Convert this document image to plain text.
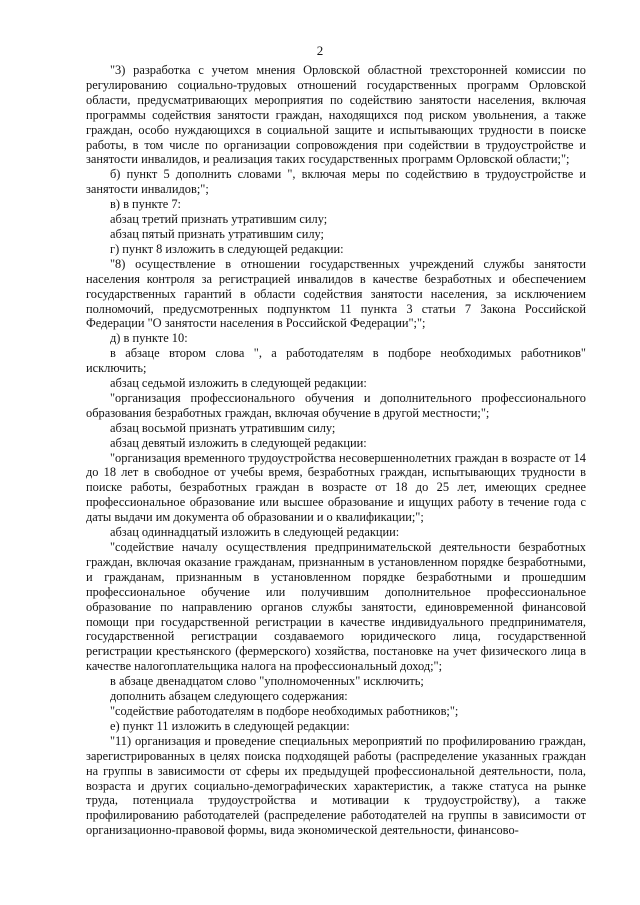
2

"3) разработка с учетом мнения Орловской областной трехсторонней комиссии по регулированию социально-трудовых отношений государственных программ Орловской области, предусматривающих мероприятия по содействию занятости населения, включая программы содействия занятости граждан, находящихся под риском увольнения, а также граждан, особо нуждающихся в социальной защите и испытывающих трудности в поиске работы, в том числе по организации сопровождения при содействии в трудоустройстве и занятости инвалидов, и реализация таких государственных программ Орловской области;";

б) пункт 5 дополнить словами ", включая меры по содействию в трудоустройстве и занятости инвалидов;";

в) в пункте 7:

абзац третий признать утратившим силу;

абзац пятый признать утратившим силу;

г) пункт 8 изложить в следующей редакции:

"8) осуществление в отношении государственных учреждений службы занятости населения контроля за регистрацией инвалидов в качестве безработных и обеспечением государственных гарантий в области содействия занятости населения, за исключением полномочий, предусмотренных подпунктом 11 пункта 3 статьи 7 Закона Российской Федерации "О занятости населения в Российской Федерации";";

д) в пункте 10:

в абзаце втором слова ", а работодателям в подборе необходимых работников" исключить;

абзац седьмой изложить в следующей редакции:

"организация профессионального обучения и дополнительного профессионального образования безработных граждан, включая обучение в другой местности;";

абзац восьмой признать утратившим силу;

абзац девятый изложить в следующей редакции:

"организация временного трудоустройства несовершеннолетних граждан в возрасте от 14 до 18 лет в свободное от учебы время, безработных граждан, испытывающих трудности в поиске работы, безработных граждан в возрасте от 18 до 25 лет, имеющих среднее профессиональное образование или высшее образование и ищущих работу в течение года с даты выдачи им документа об образовании и о квалификации;";

абзац одиннадцатый изложить в следующей редакции:

"содействие началу осуществления предпринимательской деятельности безработных граждан, включая оказание гражданам, признанным в установленном порядке безработными, и гражданам, признанным в установленном порядке безработными и прошедшим профессиональное обучение или получившим дополнительное профессиональное образование по направлению органов службы занятости, единовременной финансовой помощи при государственной регистрации в качестве индивидуального предпринимателя, государственной регистрации создаваемого юридического лица, государственной регистрации крестьянского (фермерского) хозяйства, постановке на учет физического лица в качестве налогоплательщика налога на профессиональный доход;";

в абзаце двенадцатом слово "уполномоченных" исключить;

дополнить абзацем следующего содержания:

"содействие работодателям в подборе необходимых работников;";

е) пункт 11 изложить в следующей редакции:

"11) организация и проведение специальных мероприятий по профилированию граждан, зарегистрированных в целях поиска подходящей работы (распределение указанных граждан на группы в зависимости от сферы их предыдущей профессиональной деятельности, пола, возраста и других социально-демографических характеристик, а также статуса на рынке труда, потенциала трудоустройства и мотивации к трудоустройству), а также профилированию работодателей (распределение работодателей на группы в зависимости от организационно-правовой формы, вида экономической деятельности, финансово-
